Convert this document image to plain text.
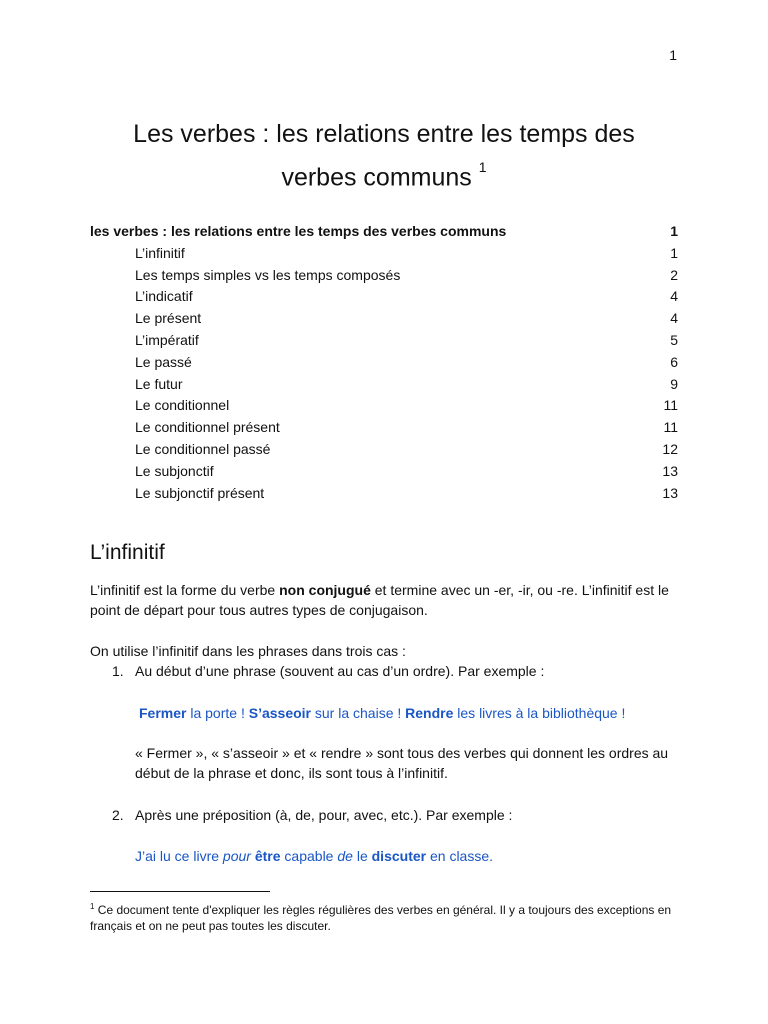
1
Les verbes : les relations entre les temps des
verbes communs $^1$
les verbes : les relations entre les temps des verbes communs	1
L’infinitif	1
Les temps simples vs les temps composés	2
L’indicatif	4
Le présent	4
L’impératif	5
Le passé	6
Le futur	9
Le conditionnel	11
Le conditionnel présent	11
Le conditionnel passé	12
Le subjonctif	13
Le subjonctif présent	13
L’infinitif

L’infinitif est la forme du verbe non conjugué et termine avec un -er, -ir, ou -re. L’infinitif est le point de départ pour tous autres types de conjugaison.

On utilise l’infinitif dans les phrases dans trois cas :

1. Au début d’une phrase (souvent au cas d’un ordre). Par exemple :
Fermer la porte ! S’asseoir sur la chaise ! Rendre les livres à la bibliothèque !

« Fermer », « s’asseoir » et « rendre » sont tous des verbes qui donnent les ordres au début de la phrase et donc, ils sont tous à l’infinitif.

2. Après une préposition (à, de, pour, avec, etc.). Par exemple :
J’ai lu ce livre pour être capable de le discuter en classe.

$^1$ Ce document tente d'expliquer les règles régulières des verbes en général. Il y a toujours des exceptions en français et on ne peut pas toutes les discuter.
